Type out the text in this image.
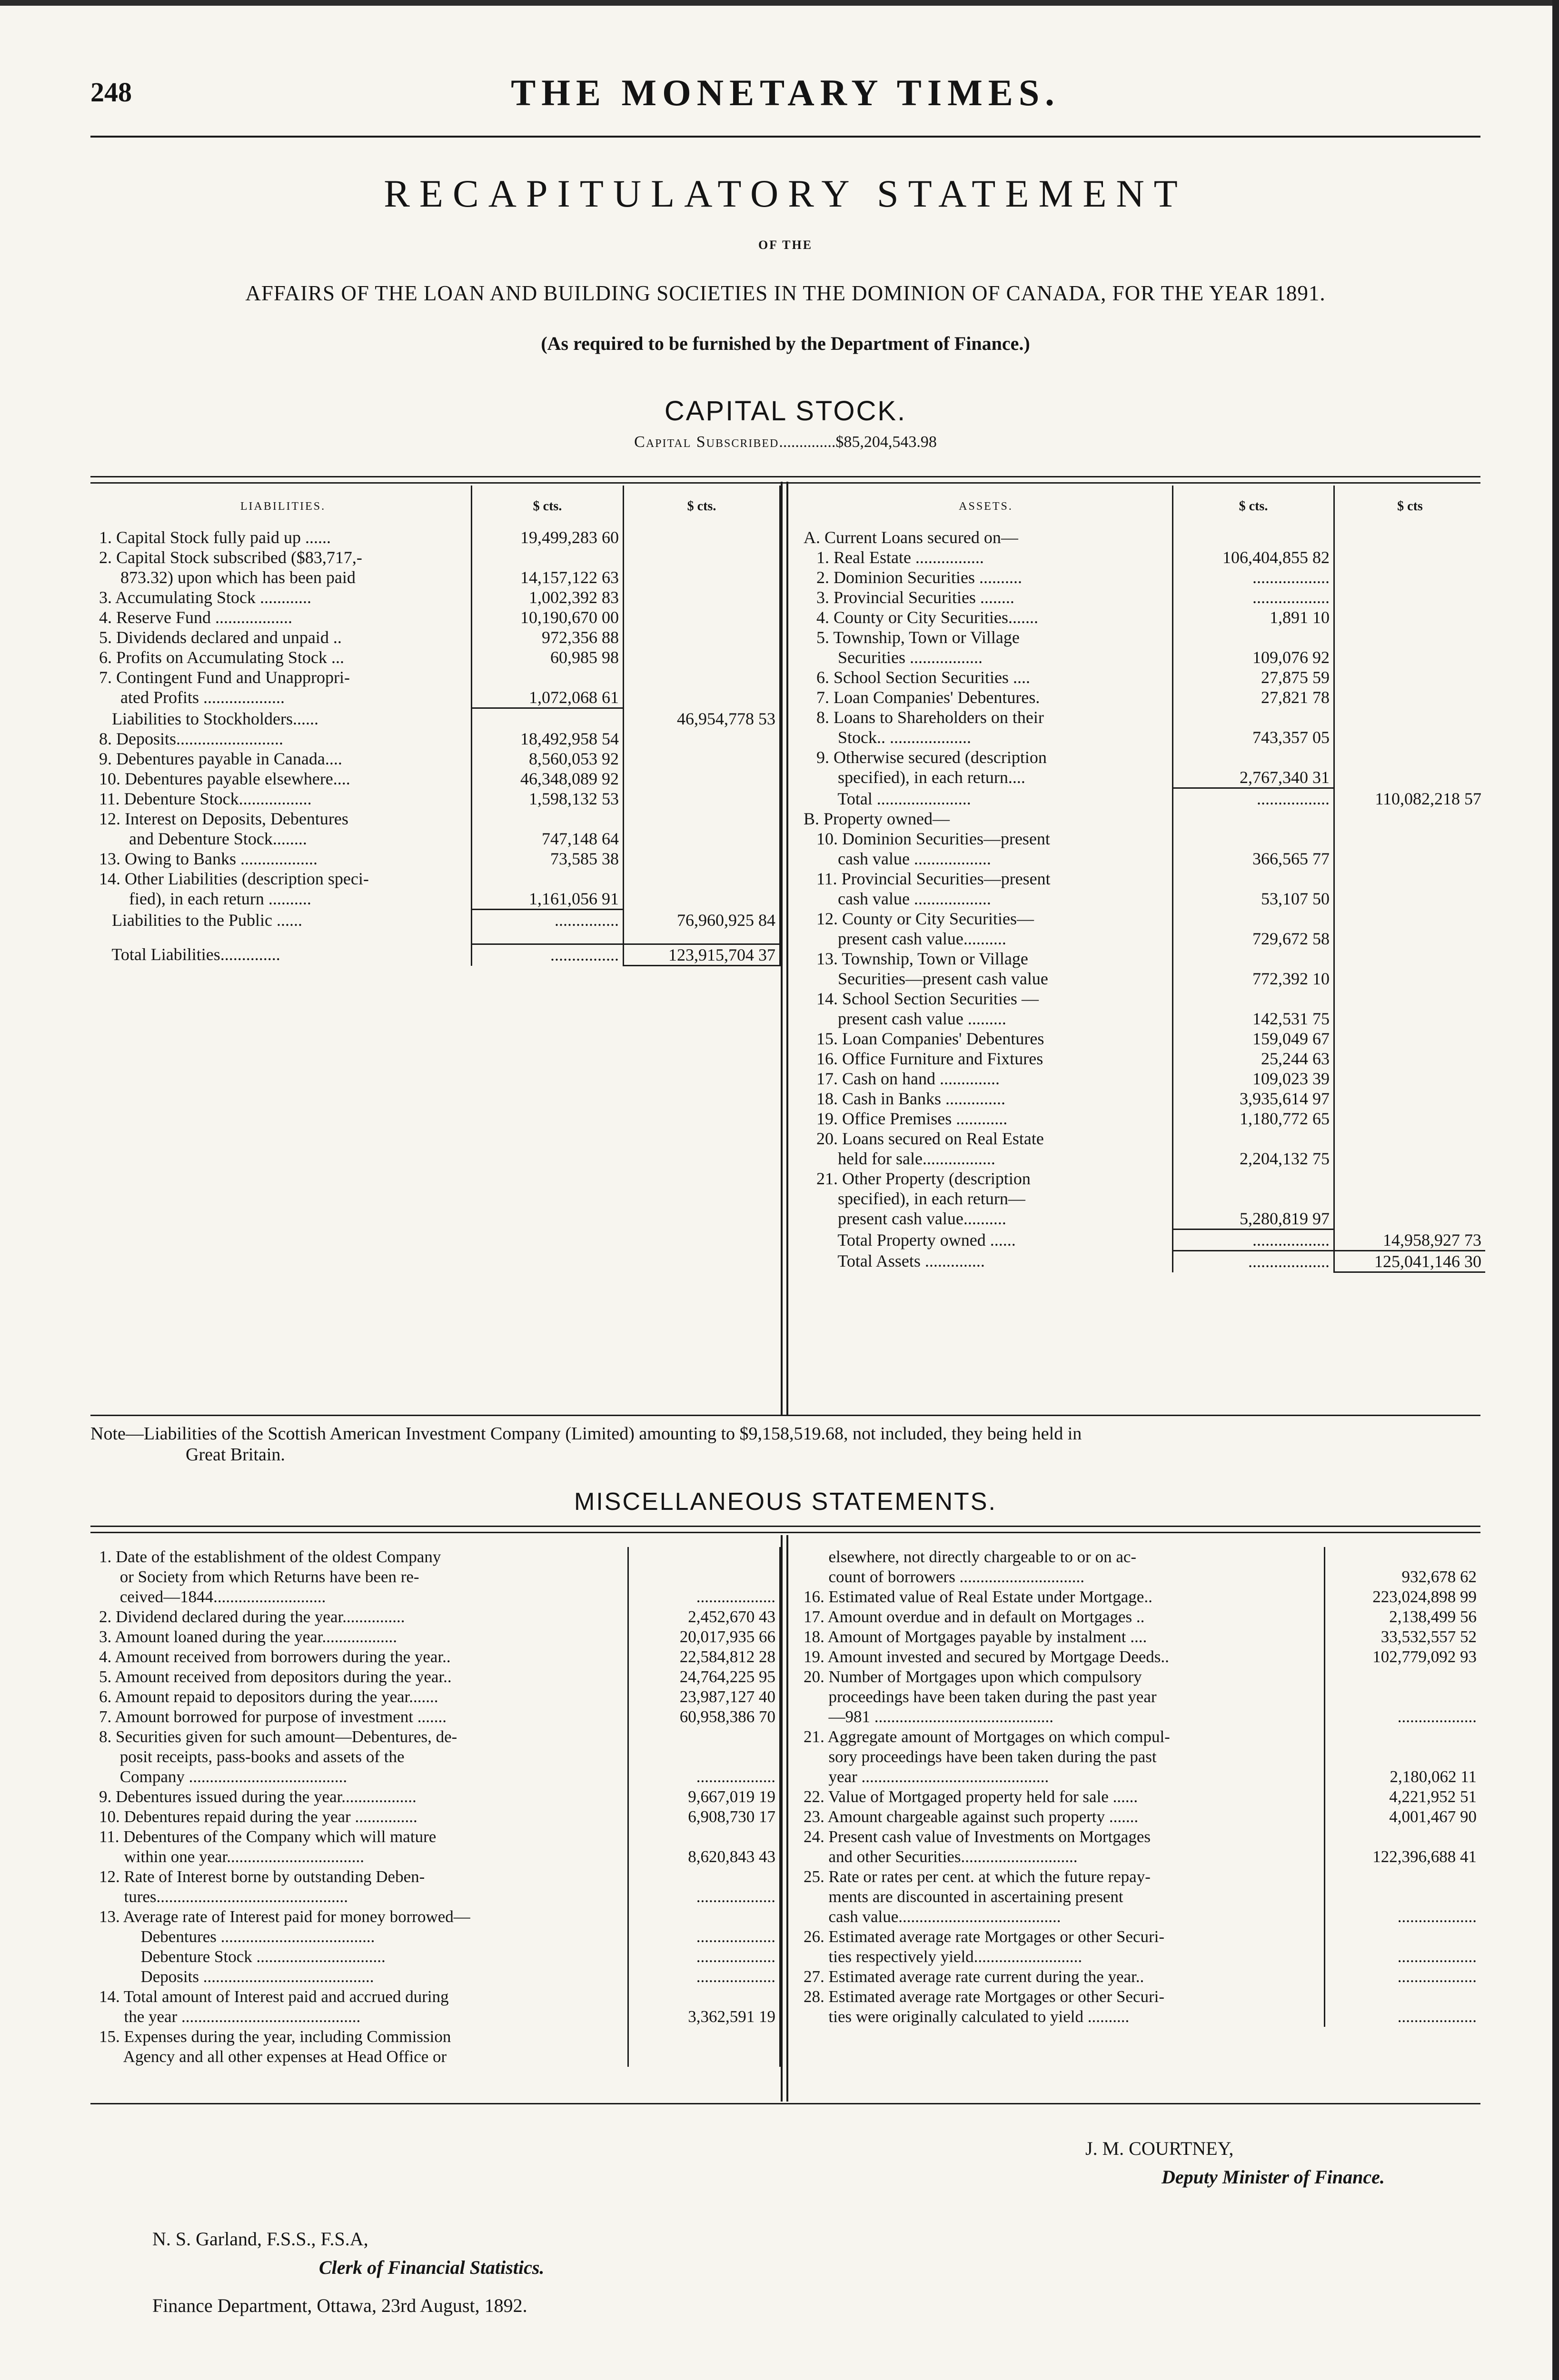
248	THE MONETARY TIMES.
RECAPITULATORY STATEMENT
OF THE
AFFAIRS OF THE LOAN AND BUILDING SOCIETIES IN THE DOMINION OF CANADA, FOR THE YEAR 1891.
(As required to be furnished by the Department of Finance.)
CAPITAL STOCK.
Capital Subscribed..............$85,204,543.98
LIABILITIES.	$ cts.	$ cts.
1. Capital Stock fully paid up ......	19,499,283 60	
2. Capital Stock subscribed ($83,717,-		
873.32) upon which has been paid	14,157,122 63	
3. Accumulating Stock ............	1,002,392 83	
4. Reserve Fund ..................	10,190,670 00	
5. Dividends declared and unpaid ..	972,356 88	
6. Profits on Accumulating Stock ...	60,985 98	
7. Contingent Fund and Unappropri-		
ated Profits ...................	1,072,068 61	

Liabilities to Stockholders......		46,954,778 53

8. Deposits.........................	18,492,958 54	
9. Debentures payable in Canada....	8,560,053 92	
10. Debentures payable elsewhere....	46,348,089 92	
11. Debenture Stock.................	1,598,132 53	
12. Interest on Deposits, Debentures		
and Debenture Stock........	747,148 64	
13. Owing to Banks ..................	73,585 38	
14. Other Liabilities (description speci-		
fied), in each return ..........	1,161,056 91	

Liabilities to the Public ......	...............	76,960,925 84

Total Liabilities..............	................	123,915,704 37
ASSETS.	$ cts.	$ cts
A. Current Loans secured on—		
1. Real Estate ................	106,404,855 82	
2. Dominion Securities ..........	..................	
3. Provincial Securities ........	..................	
4. County or City Securities.......	1,891 10	
5. Township, Town or Village		
Securities .................	109,076 92	
6. School Section Securities ....	27,875 59	
7. Loan Companies' Debentures.	27,821 78	
8. Loans to Shareholders on their		
Stock.. ...................	743,357 05	
9. Otherwise secured (description		
specified), in each return....	2,767,340 31	

Total ......................	.................	110,082,218 57

B. Property owned—		
10. Dominion Securities—present		
cash value ..................	366,565 77	
11. Provincial Securities—present		
cash value ..................	53,107 50	
12. County or City Securities—		
present cash value..........	729,672 58	
13. Township, Town or Village		
Securities—present cash value	772,392 10	
14. School Section Securities —		
present cash value .........	142,531 75	
15. Loan Companies' Debentures	159,049 67	
16. Office Furniture and Fixtures	25,244 63	
17. Cash on hand ..............	109,023 39	
18. Cash in Banks ..............	3,935,614 97	
19. Office Premises ............	1,180,772 65	
20. Loans secured on Real Estate		
held for sale.................	2,204,132 75	
21. Other Property (description		
specified), in each return—		
present cash value..........	5,280,819 97	

Total Property owned ......	..................	14,958,927 73
Total Assets ..............	...................	125,041,146 30
Note—Liabilities of the Scottish American Investment Company (Limited) amounting to $9,158,519.68, not included, they being held in
Great Britain.
MISCELLANEOUS STATEMENTS.
1. Date of the establishment of the oldest Company	
or Society from which Returns have been re-	
ceived—1844...........................	...................
2. Dividend declared during the year...............	2,452,670 43
3. Amount loaned during the year..................	20,017,935 66
4. Amount received from borrowers during the year..	22,584,812 28
5. Amount received from depositors during the year..	24,764,225 95
6. Amount repaid to depositors during the year.......	23,987,127 40
7. Amount borrowed for purpose of investment .......	60,958,386 70
8. Securities given for such amount—Debentures, de-	
posit receipts, pass-books and assets of the	
Company ......................................	...................
9. Debentures issued during the year..................	9,667,019 19
10. Debentures repaid during the year ...............	6,908,730 17
11. Debentures of the Company which will mature	
within one year.................................	8,620,843 43
12. Rate of Interest borne by outstanding Deben-	
tures..............................................	...................
13. Average rate of Interest paid for money borrowed—	
Debentures .....................................	...................
Debenture Stock ...............................	...................
Deposits .........................................	...................
14. Total amount of Interest paid and accrued during	
the year ...........................................	3,362,591 19
15. Expenses during the year, including Commission	
Agency and all other expenses at Head Office or	
elsewhere, not directly chargeable to or on ac-	
count of borrowers ..............................	932,678 62
16. Estimated value of Real Estate under Mortgage..	223,024,898 99
17. Amount overdue and in default on Mortgages ..	2,138,499 56
18. Amount of Mortgages payable by instalment ....	33,532,557 52
19. Amount invested and secured by Mortgage Deeds..	102,779,092 93
20. Number of Mortgages upon which compulsory	
proceedings have been taken during the past year	
—981 ...........................................	...................
21. Aggregate amount of Mortgages on which compul-	
sory proceedings have been taken during the past	
year .............................................	2,180,062 11
22. Value of Mortgaged property held for sale ......	4,221,952 51
23. Amount chargeable against such property .......	4,001,467 90
24. Present cash value of Investments on Mortgages	
and other Securities............................	122,396,688 41
25. Rate or rates per cent. at which the future repay-	
ments are discounted in ascertaining present	
cash value.......................................	...................
26. Estimated average rate Mortgages or other Securi-	
ties respectively yield..........................	...................
27. Estimated average rate current during the year..	...................
28. Estimated average rate Mortgages or other Securi-	
ties were originally calculated to yield ..........	...................
J. M. COURTNEY,
Deputy Minister of Finance.
N. S. Garland, F.S.S., F.S.A,
Clerk of Financial Statistics.
Finance Department, Ottawa, 23rd August, 1892.
